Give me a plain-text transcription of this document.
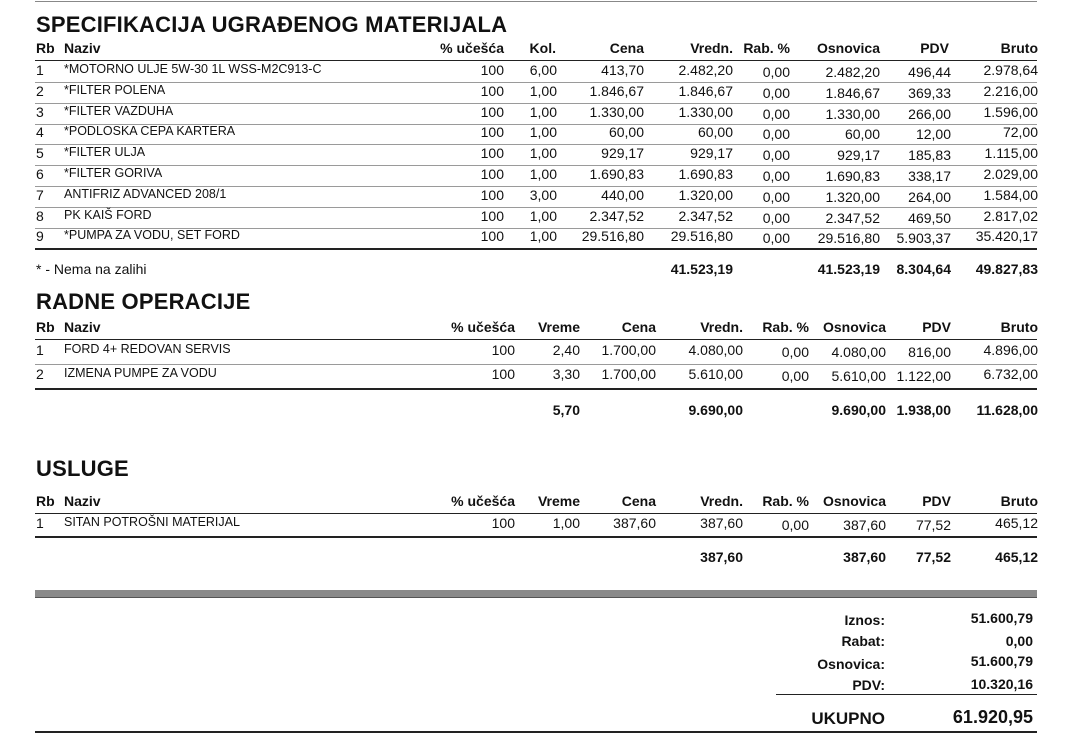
SPECIFIKACIJA UGRAĐENOG MATERIJALA
Rb Naziv	% učešća Kol.	Cena	Vredn. Rab. % Osnovica	PDV	Bruto
1 *MOTORNO ULJE 5W-30 1L WSS-M2C913-C	100 6,00	413,70 2.482,20 0,00	2.482,20 496,44 2.978,64
2 *FILTER POLENA	100 1,00 1.846,67 1.846,67 0,00	1.846,67 369,33 2.216,00
3 *FILTER VAZDUHA	100 1,00 1.330,00 1.330,00 0,00	1.330,00 266,00 1.596,00
4 *PODLOSKA CEPA KARTERA	100 1,00	60,00	60,00 0,00	60,00	12,00	72,00
5 *FILTER ULJA	100 1,00	929,17	929,17 0,00	929,17 185,83 1.115,00
6 *FILTER GORIVA	100 1,00 1.690,83 1.690,83 0,00	1.690,83 338,17 2.029,00
7 ANTIFRIZ ADVANCED 208/1	100 3,00	440,00 1.320,00 0,00	1.320,00 264,00 1.584,00
8 PK KAIŠ FORD	100 1,00 2.347,52 2.347,52 0,00	2.347,52 469,50 2.817,02
9 *PUMPA ZA VODU, SET FORD	100 1,00 29.516,80 29.516,80 0,00 29.516,80 5.903,37 35.420,17
* - Nema na zalihi	41.523,19	41.523,19 8.304,64 49.827,83
RADNE OPERACIJE
Rb Naziv	% učešća Vreme	Cena	Vredn. Rab. % Osnovica	PDV	Bruto
1 FORD 4+ REDOVAN SERVIS	100	2,40 1.700,00 4.080,00	0,00 4.080,00 816,00 4.896,00
2 IZMENA PUMPE ZA VODU	100	3,30 1.700,00 5.610,00	0,00 5.610,00 1.122,00 6.732,00
5,70	9.690,00	9.690,00 1.938,00 11.628,00
USLUGE
Rb Naziv	% učešća Vreme	Cena	Vredn. Rab. % Osnovica	PDV	Bruto
1 SITAN POTROŠNI MATERIJAL	100	1,00 387,60	387,60	0,00 387,60 77,52	465,12
387,60	387,60 77,52	465,12
Iznos:	51.600,79
Rabat:	0,00
Osnovica:	51.600,79
PDV:	10.320,16
UKUPNO	61.920,95
